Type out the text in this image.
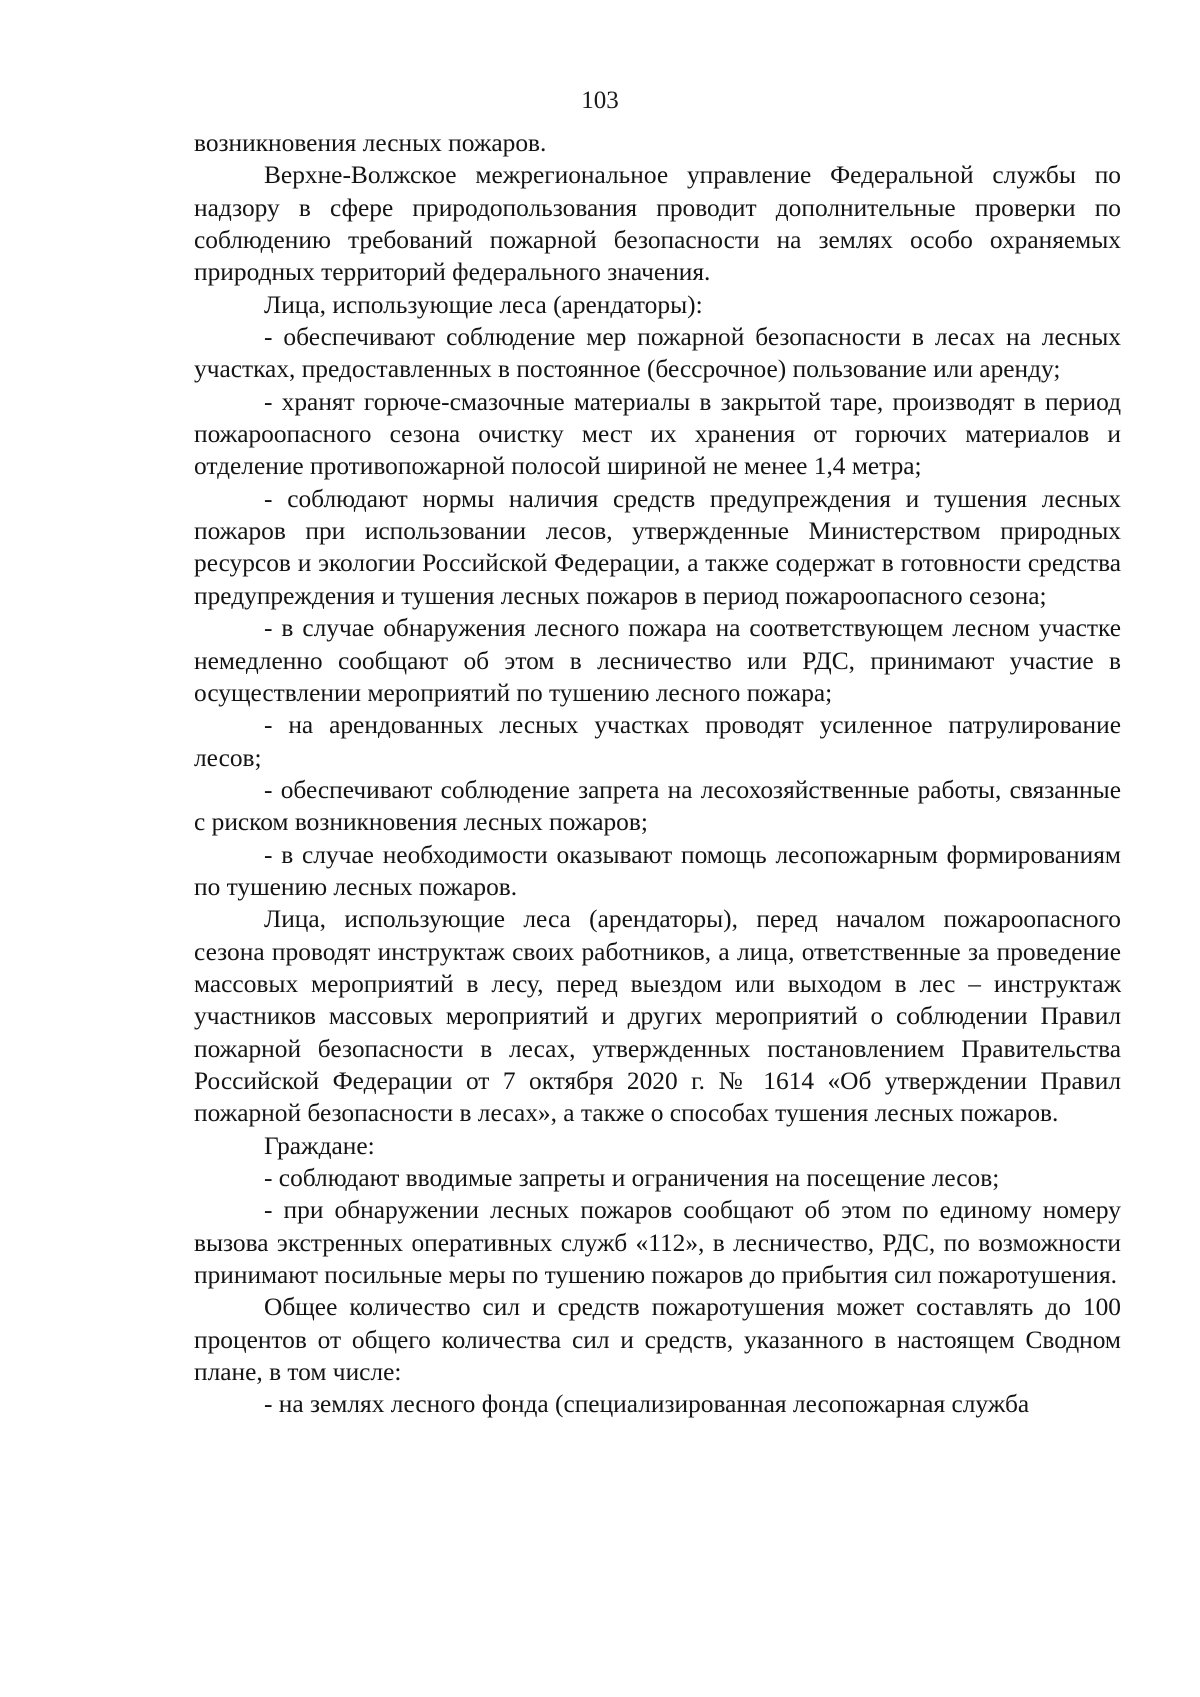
103

возникновения лесных пожаров.

Верхне-Волжское межрегиональное управление Федеральной службы по надзору в сфере природопользования проводит дополнительные проверки по соблюдению требований пожарной безопасности на землях особо охраняемых природных территорий федерального значения.

Лица, использующие леса (арендаторы):

- обеспечивают соблюдение мер пожарной безопасности в лесах на лесных участках, предоставленных в постоянное (бессрочное) пользование или аренду;

- хранят горюче-смазочные материалы в закрытой таре, производят в период пожароопасного сезона очистку мест их хранения от горючих материалов и отделение противопожарной полосой шириной не менее 1,4 метра;

- соблюдают нормы наличия средств предупреждения и тушения лесных пожаров при использовании лесов, утвержденные Министерством природных ресурсов и экологии Российской Федерации, а также содержат в готовности средства предупреждения и тушения лесных пожаров в период пожароопасного сезона;

- в случае обнаружения лесного пожара на соответствующем лесном участке немедленно сообщают об этом в лесничество или РДС, принимают участие в осуществлении мероприятий по тушению лесного пожара;

- на арендованных лесных участках проводят усиленное патрулирование лесов;

- обеспечивают соблюдение запрета на лесохозяйственные работы, связанные с риском возникновения лесных пожаров;

- в случае необходимости оказывают помощь лесопожарным формированиям по тушению лесных пожаров.

Лица, использующие леса (арендаторы), перед началом пожароопасного сезона проводят инструктаж своих работников, а лица, ответственные за проведение массовых мероприятий в лесу, перед выездом или выходом в лес – инструктаж участников массовых мероприятий и других мероприятий о соблюдении Правил пожарной безопасности в лесах, утвержденных постановлением Правительства Российской Федерации от 7 октября 2020 г. № 1614 «Об утверждении Правил пожарной безопасности в лесах», а также о способах тушения лесных пожаров.

Граждане:

- соблюдают вводимые запреты и ограничения на посещение лесов;

- при обнаружении лесных пожаров сообщают об этом по единому номеру вызова экстренных оперативных служб «112», в лесничество, РДС, по возможности принимают посильные меры по тушению пожаров до прибытия сил пожаротушения.

Общее количество сил и средств пожаротушения может составлять до 100 процентов от общего количества сил и средств, указанного в настоящем Сводном плане, в том числе:

- на землях лесного фонда (специализированная лесопожарная служба
